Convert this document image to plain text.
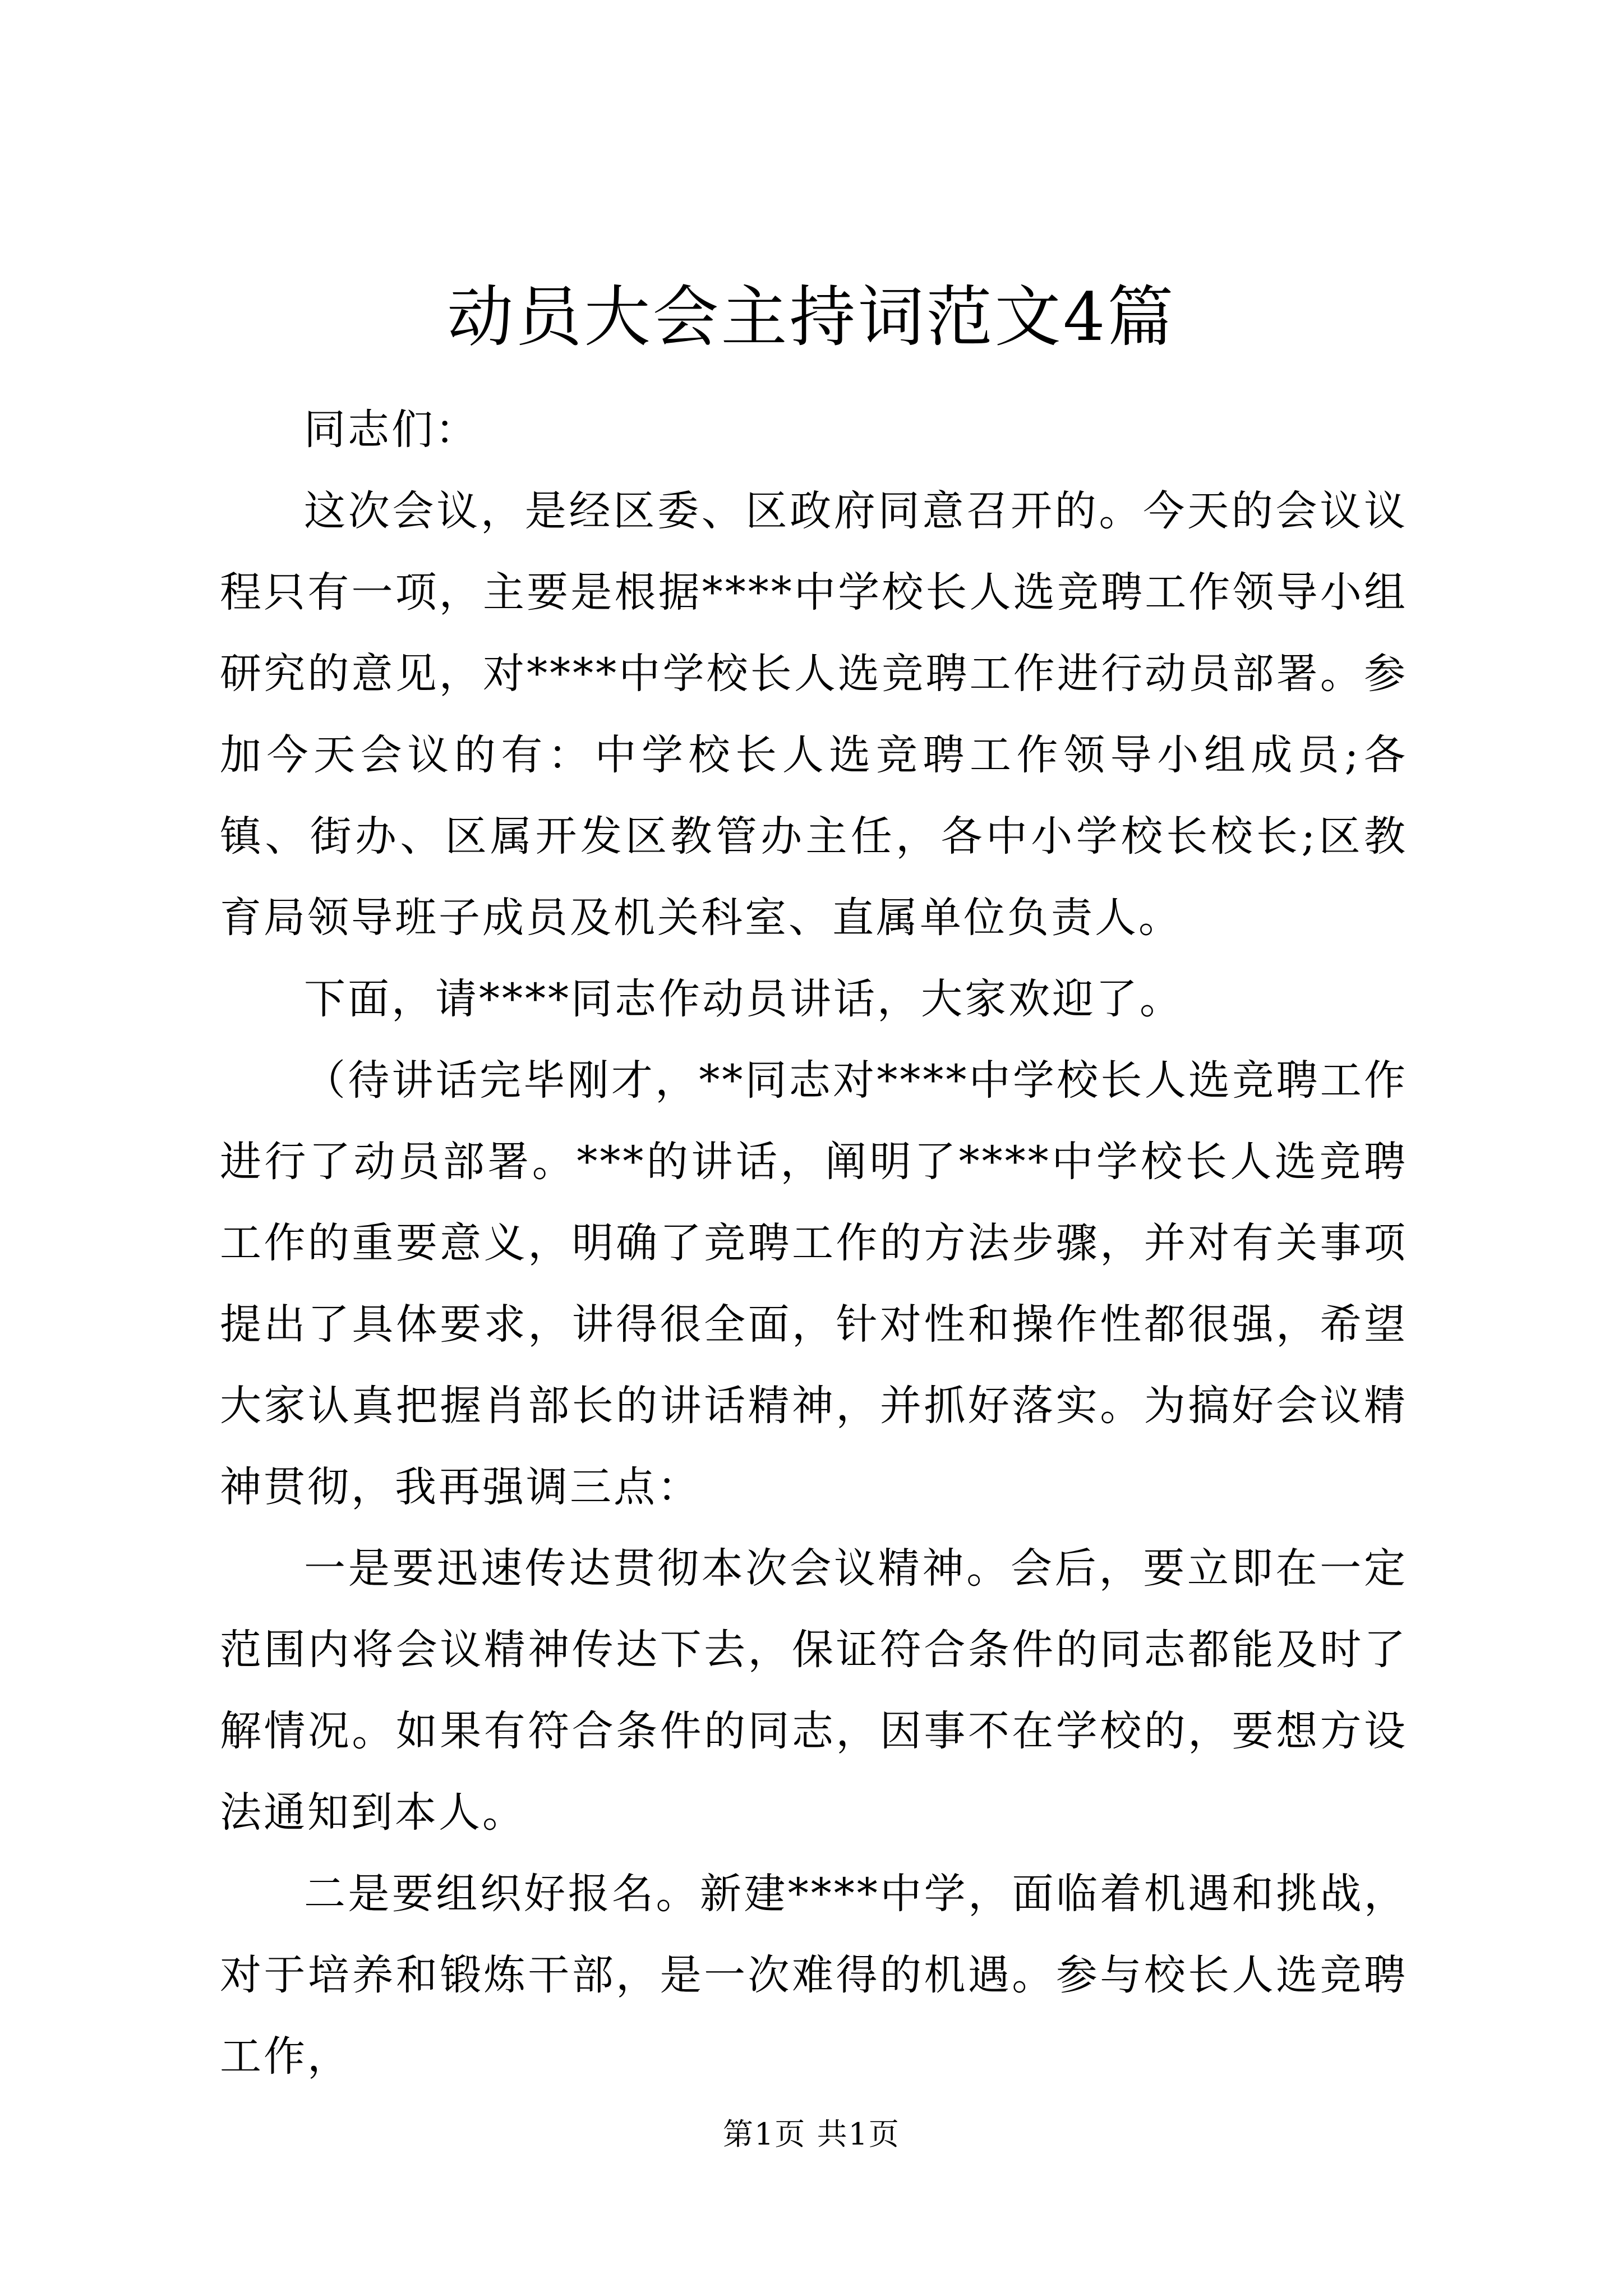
动员大会主持词范文4篇

同志们：

这次会议，是经区委、区政府同意召开的。今天的会议议程只有一项，主要是根据****中学校长人选竞聘工作领导小组研究的意见，对****中学校长人选竞聘工作进行动员部署。参加今天会议的有：中学校长人选竞聘工作领导小组成员;各镇、街办、区属开发区教管办主任，各中小学校长校长;区教育局领导班子成员及机关科室、直属单位负责人。

下面，请****同志作动员讲话，大家欢迎了。

（待讲话完毕刚才，**同志对****中学校长人选竞聘工作进行了动员部署。***的讲话，阐明了****中学校长人选竞聘工作的重要意义，明确了竞聘工作的方法步骤，并对有关事项提出了具体要求，讲得很全面，针对性和操作性都很强，希望大家认真把握肖部长的讲话精神，并抓好落实。为搞好会议精神贯彻，我再强调三点：

一是要迅速传达贯彻本次会议精神。会后，要立即在一定范围内将会议精神传达下去，保证符合条件的同志都能及时了解情况。如果有符合条件的同志，因事不在学校的，要想方设法通知到本人。

二是要组织好报名。新建****中学，面临着机遇和挑战，对于培养和锻炼干部，是一次难得的机遇。参与校长人选竞聘工作，

第1页 共1页
